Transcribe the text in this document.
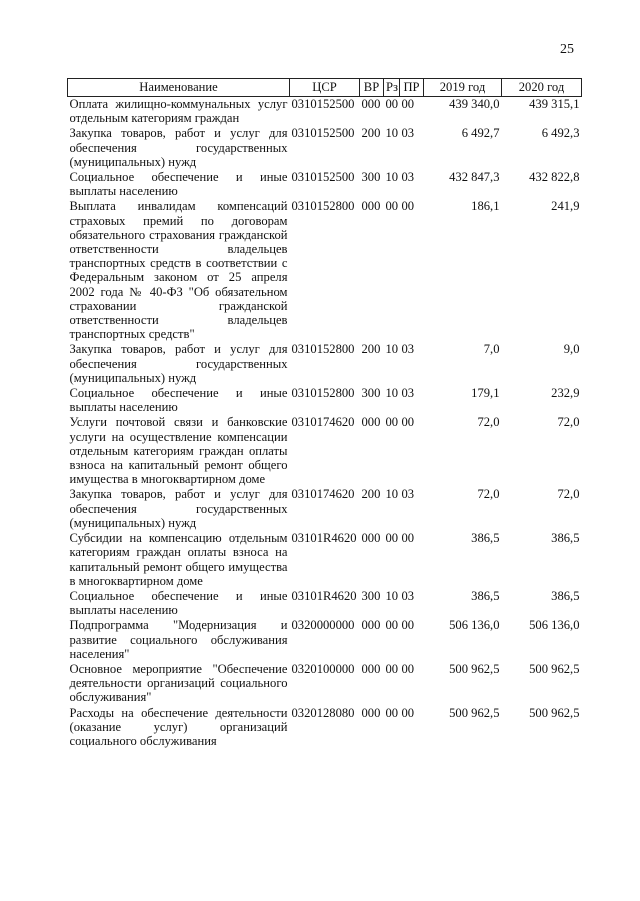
25
Наименование	ЦСР	ВР	Рз	ПР	2019 год	2020 год
Оплата жилищно-коммунальных услуг отдельным категориям граждан	0310152500	000	00	00	439 340,0	439 315,1
Закупка товаров, работ и услуг для обеспечения государственных (муниципальных) нужд	0310152500	200	10	03	6 492,7	6 492,3
Социальное обеспечение и иные выплаты населению	0310152500	300	10	03	432 847,3	432 822,8
Выплата инвалидам компенсаций страховых премий по договорам обязательного страхования гражданской ответственности владельцев транспортных средств в соответствии с Федеральным законом от 25 апреля 2002 года № 40-ФЗ "Об обязательном страховании гражданской ответственности владельцев транспортных средств"	0310152800	000	00	00	186,1	241,9
Закупка товаров, работ и услуг для обеспечения государственных (муниципальных) нужд	0310152800	200	10	03	7,0	9,0
Социальное обеспечение и иные выплаты населению	0310152800	300	10	03	179,1	232,9
Услуги почтовой связи и банковские услуги на осуществление компенсации отдельным категориям граждан оплаты взноса на капитальный ремонт общего имущества в многоквартирном доме	0310174620	000	00	00	72,0	72,0
Закупка товаров, работ и услуг для обеспечения государственных (муниципальных) нужд	0310174620	200	10	03	72,0	72,0
Субсидии на компенсацию отдельным категориям граждан оплаты взноса на капитальный ремонт общего имущества в многоквартирном доме	03101R4620	000	00	00	386,5	386,5
Социальное обеспечение и иные выплаты населению	03101R4620	300	10	03	386,5	386,5
Подпрограмма "Модернизация и развитие социального обслуживания населения"	0320000000	000	00	00	506 136,0	506 136,0
Основное мероприятие "Обеспечение деятельности организаций социального обслуживания"	0320100000	000	00	00	500 962,5	500 962,5
Расходы на обеспечение деятельности (оказание услуг) организаций социального обслуживания	0320128080	000	00	00	500 962,5	500 962,5
